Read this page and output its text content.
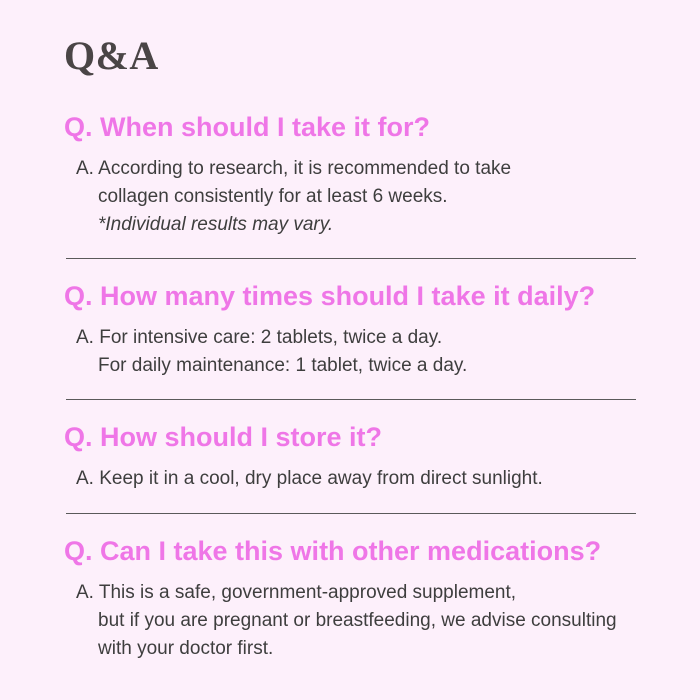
Q&A

Q. When should I take it for?

A. According to research, it is recommended to take
collagen consistently for at least 6 weeks.
*Individual results may vary.

Q. How many times should I take it daily?

A. For intensive care: 2 tablets, twice a day.
For daily maintenance: 1 tablet, twice a day.

Q. How should I store it?

A. Keep it in a cool, dry place away from direct sunlight.

Q. Can I take this with other medications?

A. This is a safe, government-approved supplement,
but if you are pregnant or breastfeeding, we advise consulting
with your doctor first.
